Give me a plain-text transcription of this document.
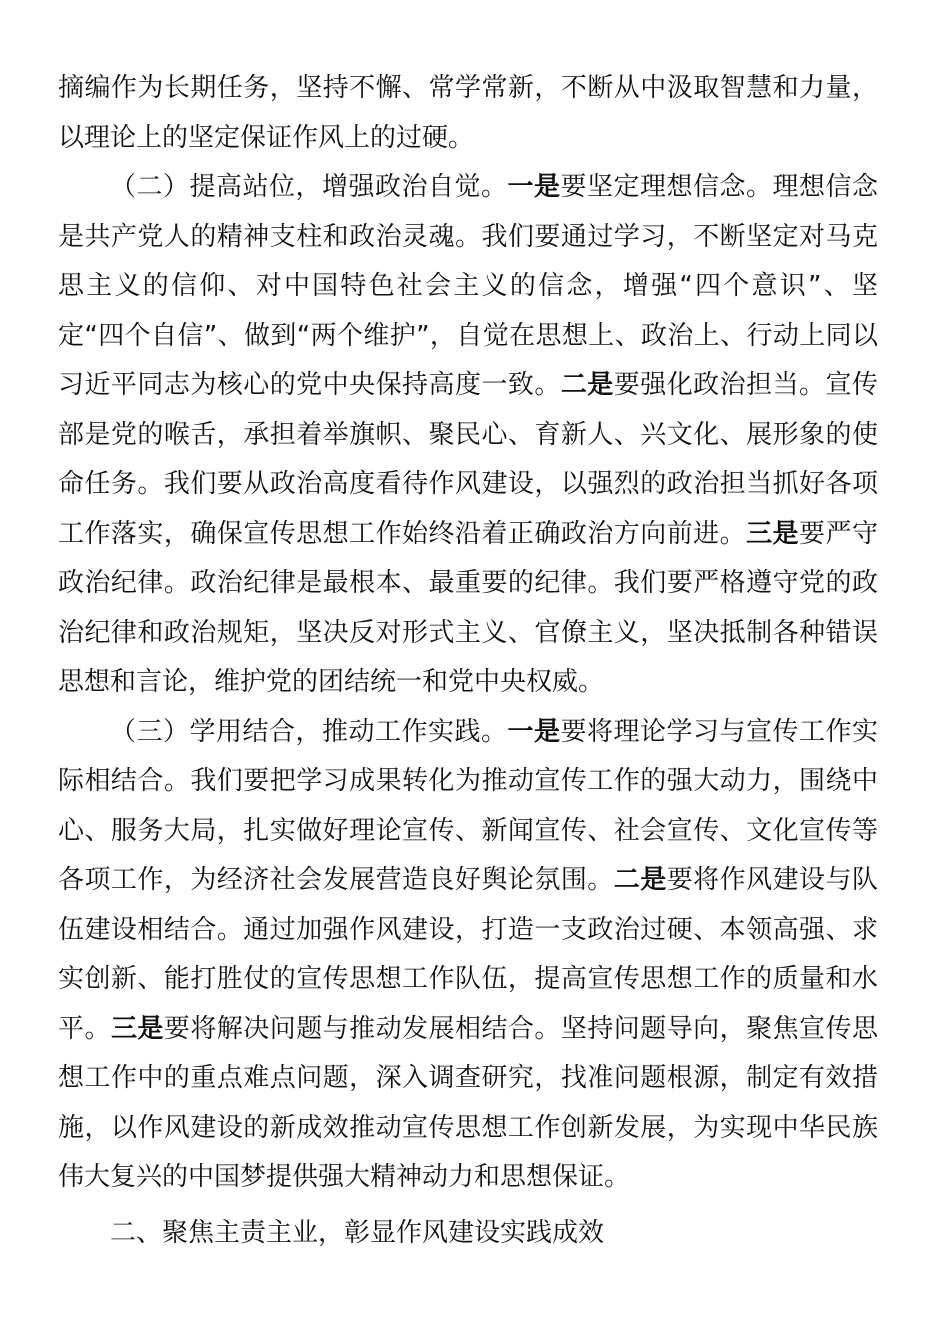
摘编作为长期任务，坚持不懈、常学常新，不断从中汲取智慧和力量，以理论上的坚定保证作风上的过硬。

（二）提高站位，增强政治自觉。一是要坚定理想信念。理想信念是共产党人的精神支柱和政治灵魂。我们要通过学习，不断坚定对马克思主义的信仰、对中国特色社会主义的信念，增强“四个意识”、坚定“四个自信”、做到“两个维护”，自觉在思想上、政治上、行动上同以习近平同志为核心的党中央保持高度一致。二是要强化政治担当。宣传部是党的喉舌，承担着举旗帜、聚民心、育新人、兴文化、展形象的使命任务。我们要从政治高度看待作风建设，以强烈的政治担当抓好各项工作落实，确保宣传思想工作始终沿着正确政治方向前进。三是要严守政治纪律。政治纪律是最根本、最重要的纪律。我们要严格遵守党的政治纪律和政治规矩，坚决反对形式主义、官僚主义，坚决抵制各种错误思想和言论，维护党的团结统一和党中央权威。

（三）学用结合，推动工作实践。一是要将理论学习与宣传工作实际相结合。我们要把学习成果转化为推动宣传工作的强大动力，围绕中心、服务大局，扎实做好理论宣传、新闻宣传、社会宣传、文化宣传等各项工作，为经济社会发展营造良好舆论氛围。二是要将作风建设与队伍建设相结合。通过加强作风建设，打造一支政治过硬、本领高强、求实创新、能打胜仗的宣传思想工作队伍，提高宣传思想工作的质量和水平。三是要将解决问题与推动发展相结合。坚持问题导向，聚焦宣传思想工作中的重点难点问题，深入调查研究，找准问题根源，制定有效措施，以作风建设的新成效推动宣传思想工作创新发展，为实现中华民族伟大复兴的中国梦提供强大精神动力和思想保证。

二、聚焦主责主业，彰显作风建设实践成效
